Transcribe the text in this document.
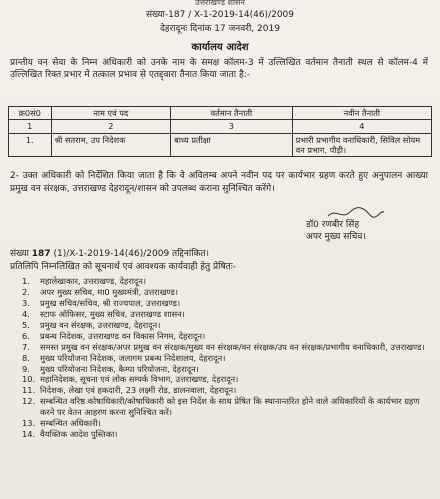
उत्तराखण्ड शासन
संख्या-187 / X-1-2019-14(46)/2009
देहरादूनः दिनांक 17 जनवरी, 2019
कार्यालय आदेश
प्रान्तीय वन सेवा के निम्न अधिकारी को उनके नाम के समक्ष कॉलम-3 में उल्लिखित वर्तमान तैनाती स्थल से कॉलम-4 में उल्लिखित रिक्त प्रभार में तत्काल प्रभाव से एतद्द्वारा तैनात किया जाता है:-
क्र0सं0	नाम एवं पद	वर्तमान तैनाती	नवीन तैनाती
1	2	3	4
1.	श्री सतराम, उप निदेशक	बाध्य प्रतीक्षा	प्रभारी प्रभागीय वनाधिकारी, सिविल सोयम वन प्रभाग, पौड़ी।
2- उक्त अधिकारी को निर्देशित किया जाता है कि वे अविलम्ब अपने नवीन पद पर कार्यभार ग्रहण करते हुए अनुपालन आख्या प्रमुख वन संरक्षक, उत्तराखण्ड देहरादून/शासन को उपलब्ध कराना सुनिश्चित करेंगे।
डॉ0 रणबीर सिंह
अपर मुख्य सचिव।
संख्या 187 (1)/X-1-2019-14(46)/2009 तद्दिनांकित।
प्रतिलिपि निम्नलिखित को सूचनार्थ एवं आवश्यक कार्यवाही हेतु प्रेषितः-
1.	महालेखाकार, उत्तराखण्ड, देहरादून।
2.	अपर मुख्य सचिव, मा0 मुख्यमंत्री, उत्तराखण्ड।
3.	प्रमुख सचिव/सचिव, श्री राज्यपाल, उत्तराखण्ड।
4.	स्टाफ ऑफिसर, मुख्य सचिव, उत्तराखण्ड शासन।
5.	प्रमुख वन संरक्षक, उत्तराखण्ड, देहरादून।
6.	प्रबन्ध निदेशक, उत्तराखण्ड वन विकास निगम, देहरादून।
7.	समस्त प्रमुख वन संरक्षक/अपर प्रमुख वन संरक्षक/मुख्य वन संरक्षक/वन संरक्षक/उप वन संरक्षक/प्रभागीय वनाधिकारी, उत्तराखण्ड।
8.	मुख्य परियोजना निदेशक, जलागम प्रबन्ध निदेशालय, देहरादून।
9.	मुख्य परियोजना निदेशक, कैम्पा परियोजना, देहरादून।
10. महानिदेशक, सूचना एवं लोक सम्पर्क विभाग, उत्तराखण्ड, देहरादून।
11. निदेशक, लेखा एवं हकदारी, 23 लक्ष्मी रोड, डालनवाला, देहरादून।
12. सम्बन्धित वरिष्ठ कोषाधिकारी/कोषाधिकारी को इस निर्देश के साथ प्रेषित कि स्थानान्तरित होने वाले अधिकारियों के कार्यभार ग्रहण करने पर वेतन आहरण करना सुनिश्चित करें।
13. सम्बन्धित अधिकारी।
14. वैयक्तिक आदेश पुस्तिका।
